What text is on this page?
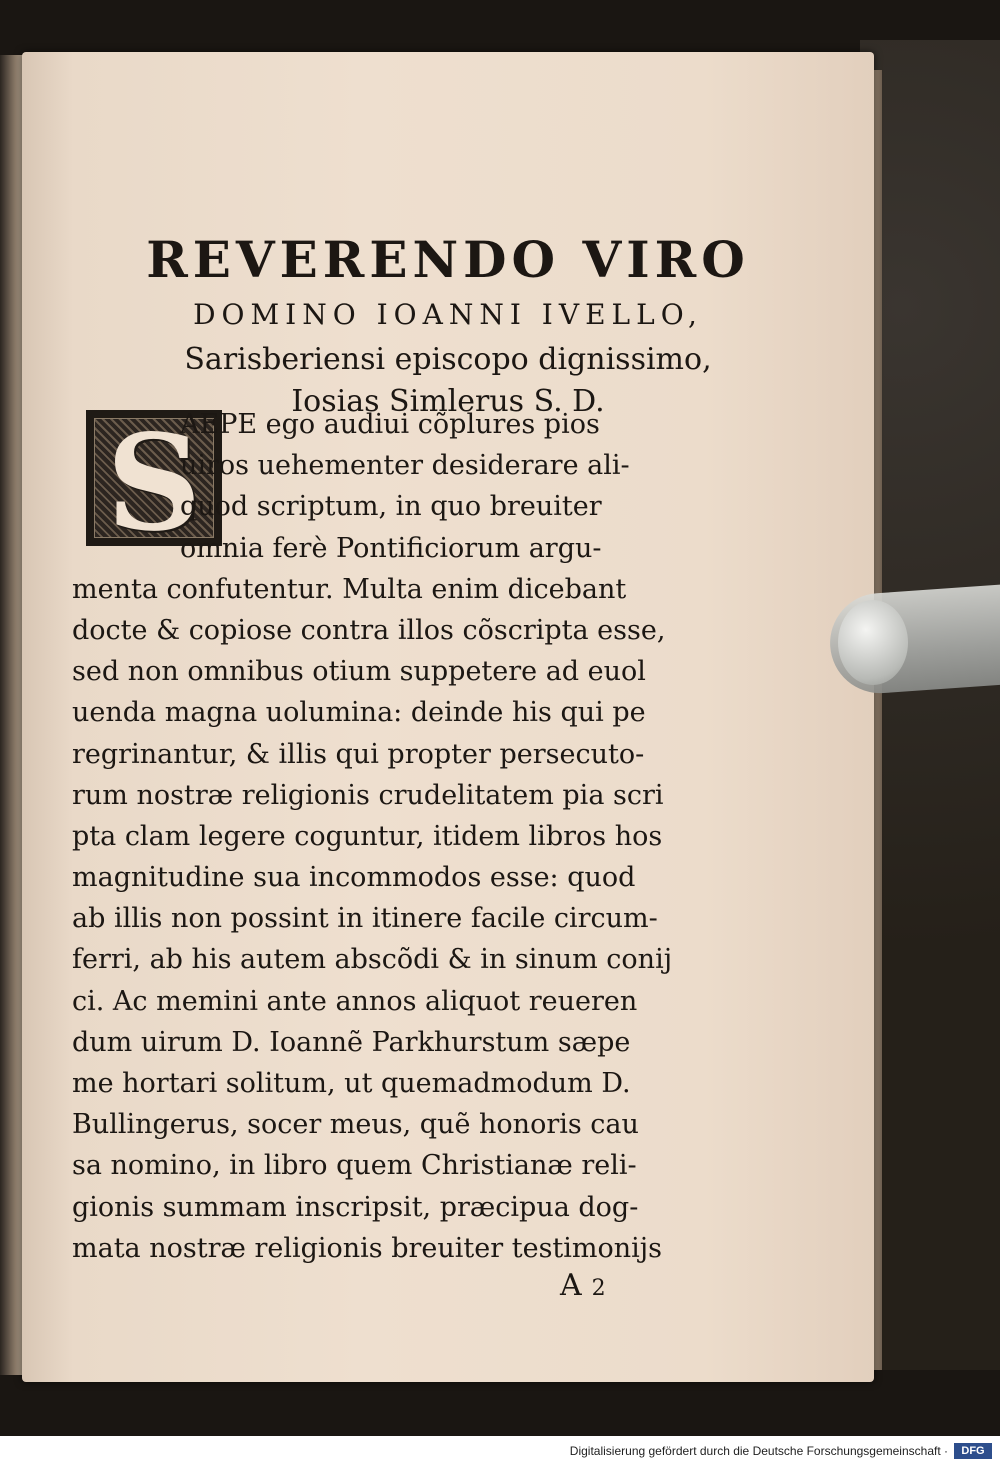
REVERENDO VIRO
DOMINO IOANNI IVELLO,
Sarisberiensi episcopo dignissimo,
Iosias Simlerus S. D.
S
AEPE ego audiui cõplures pios
uiros uehementer desiderare ali-
quod scriptum, in quo breuiter
omnia ferè Pontificiorum argu-
menta confutentur. Multa enim dicebant
docte & copiose contra illos cõscripta esse,
sed non omnibus otium suppetere ad euol
uenda magna uolumina: deinde his qui pe
regrinantur, & illis qui propter persecuto-
rum nostræ religionis crudelitatem pia scri
pta clam legere coguntur, itidem libros hos
magnitudine sua incommodos esse: quod
ab illis non possint in itinere facile circum-
ferri, ab his autem abscõdi & in sinum conij
ci. Ac memini ante annos aliquot reueren
dum uirum D. Ioannẽ Parkhurstum sæpe
me hortari solitum, ut quemadmodum D.
Bullingerus, socer meus, quẽ honoris cau
sa nomino, in libro quem Christianæ reli-
gionis summam inscripsit, præcipua dog-
mata nostræ religionis breuiter testimonijs
A 2
Digitalisierung gefördert durch die Deutsche Forschungsgemeinschaft ·	DFG
